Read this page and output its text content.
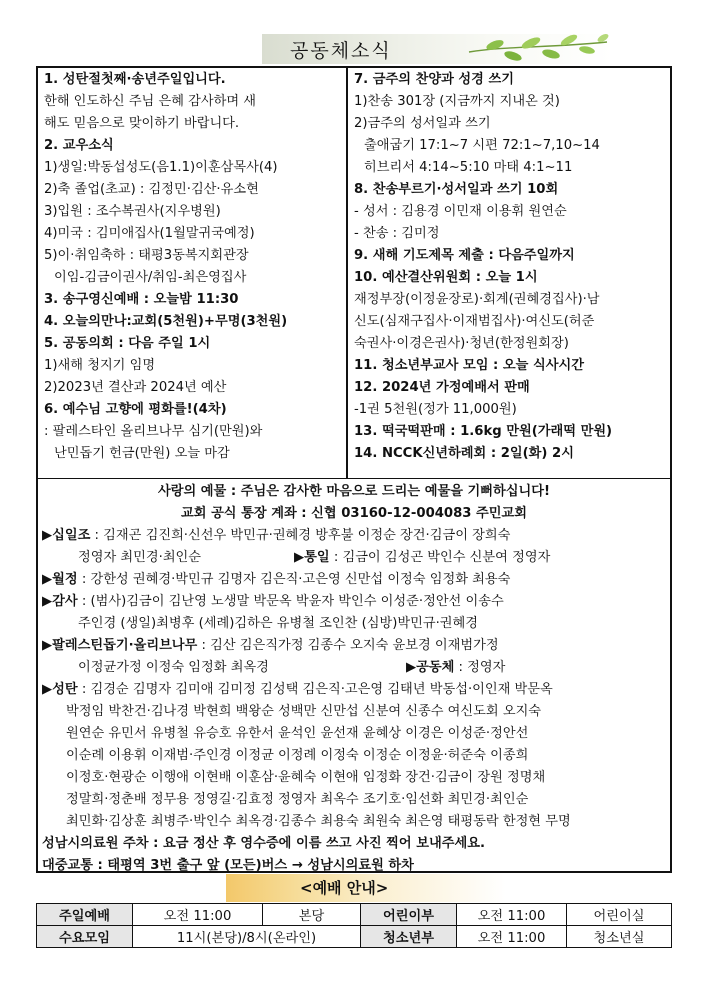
공동체소식
1. 성탄절첫째·송년주일입니다.
한해 인도하신 주님 은혜 감사하며 새
해도 믿음으로 맞이하기 바랍니다.
2. 교우소식
1)생일:박동섭성도(음1.1)이훈삼목사(4)
2)축 졸업(초교) : 김정민·김산·유소현
3)입원 : 조수복권사(지우병원)
4)미국 : 김미애집사(1월말귀국예정)
5)이·취임축하 : 태평3동복지회관장
이임-김금이권사/취임-최은영집사
3. 송구영신예배 : 오늘밤 11:30
4. 오늘의만나:교회(5천원)+무명(3천원)
5. 공동의회 : 다음 주일 1시
1)새해 청지기 임명
2)2023년 결산과 2024년 예산
6. 예수님 고향에 평화를!(4차)
: 팔레스타인 올리브나무 심기(만원)와
난민돕기 헌금(만원) 오늘 마감
7. 금주의 찬양과 성경 쓰기
1)찬송 301장 (지금까지 지내온 것)
2)금주의 성서일과 쓰기
출애굽기 17:1~7 시편 72:1~7,10~14
히브리서 4:14~5:10 마태 4:1~11
8. 찬송부르기·성서일과 쓰기 10회
- 성서 : 김용경 이민재 이용휘 원연순
- 찬송 : 김미정
9. 새해 기도제목 제출 : 다음주일까지
10. 예산결산위원회 : 오늘 1시
재정부장(이정윤장로)·회계(권혜경집사)·남
신도(심재구집사·이재범집사)·여신도(허준
숙권사·이경은권사)·청년(한정원회장)
11. 청소년부교사 모임 : 오늘 식사시간
12. 2024년 가정예배서 판매
-1권 5천원(정가 11,000원)
13. 떡국떡판매 : 1.6kg 만원(가래떡 만원)
14. NCCK신년하례회 : 2일(화) 2시
사랑의 예물 : 주님은 감사한 마음으로 드리는 예물을 기뻐하십니다!
교회 공식 통장 계좌 : 신협 03160-12-004083 주민교회
▶십일조 : 김재곤 김진희·신선우 박민규·권혜경 방후불 이정순 장건·김금이 장희숙
정영자 최민경·최인순	▶통일 : 김금이 김성곤 박인수 신분여 정영자
▶월정 : 강한성 권혜경·박민규 김명자 김은직·고은영 신만섭 이정숙 임정화 최용숙
▶감사 : (범사)김금이 김난영 노생말 박문옥 박윤자 박인수 이성준·정안선 이송수
주인경 (생일)최병후 (세례)김하은 유병철 조인찬 (심방)박민규·권혜경
▶팔레스틴돕기·올리브나무 : 김산 김은직가정 김종수 오지숙 윤보경 이재범가정
이정균가정 이정숙 임정화 최옥경	▶공동체 : 정영자
▶성탄 : 김경순 김명자 김미애 김미정 김성택 김은직·고은영 김태년 박동섭·이인재 박문옥
박정임 박찬건·김나경 박현희 백왕순 성백만 신만섭 신분여 신종수 여신도회 오지숙
원연순 유민서 유병철 유승호 유한서 윤석인 윤선재 윤혜상 이경은 이성준·정안선
이순례 이용휘 이재범·주인경 이정균 이정례 이정숙 이정순 이정윤·허준숙 이종희
이정호·현광순 이행애 이현배 이훈삼·윤혜숙 이현애 임정화 장건·김금이 장원 정명채
정말희·정춘배 정무용 정영길·김효정 정영자 최옥수 조기호·임선화 최민경·최인순
최민화·김상훈 최병주·박인수 최옥경·김종수 최용숙 최원숙 최은영 태평동락 한정현 무명
성남시의료원 주차 : 요금 정산 후 영수증에 이름 쓰고 사진 찍어 보내주세요.
대중교통 : 태평역 3번 출구 앞 (모든)버스 → 성남시의료원 하차
<예배 안내>
주일예배	오전 11:00	본당	어린이부	오전 11:00	어린이실
수요모임	11시(본당)/8시(온라인)		청소년부	오전 11:00	청소년실
